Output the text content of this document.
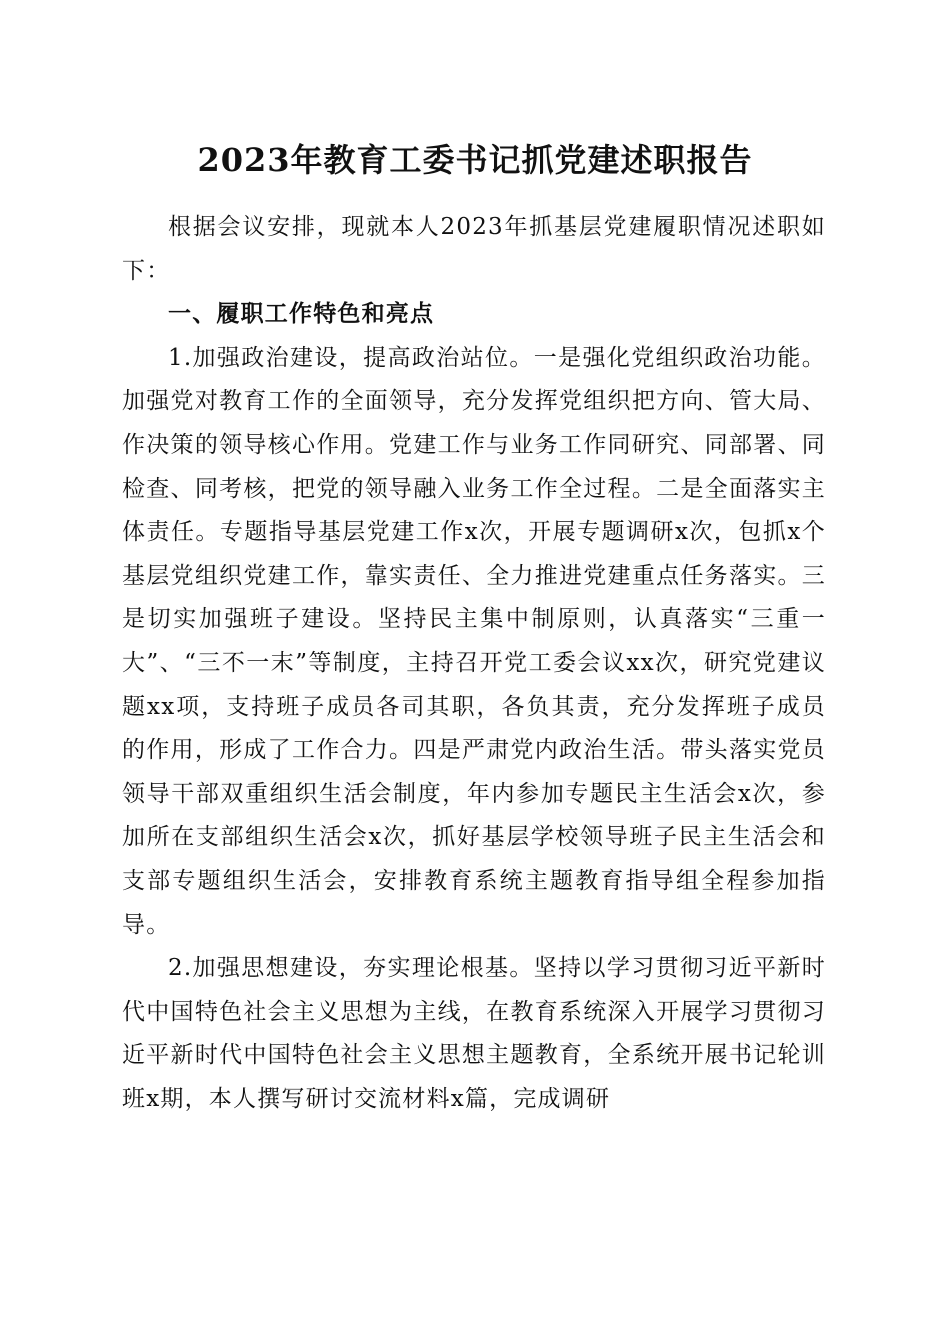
2023年教育工委书记抓党建述职报告

根据会议安排，现就本人2023年抓基层党建履职情况述职如下：

一、履职工作特色和亮点

1.加强政治建设，提高政治站位。一是强化党组织政治功能。加强党对教育工作的全面领导，充分发挥党组织把方向、管大局、作决策的领导核心作用。党建工作与业务工作同研究、同部署、同检查、同考核，把党的领导融入业务工作全过程。二是全面落实主体责任。专题指导基层党建工作x次，开展专题调研x次，包抓x个基层党组织党建工作，靠实责任、全力推进党建重点任务落实。三是切实加强班子建设。坚持民主集中制原则，认真落实“三重一大”、“三不一末”等制度，主持召开党工委会议xx次，研究党建议题xx项，支持班子成员各司其职，各负其责，充分发挥班子成员的作用，形成了工作合力。四是严肃党内政治生活。带头落实党员领导干部双重组织生活会制度，年内参加专题民主生活会x次，参加所在支部组织生活会x次，抓好基层学校领导班子民主生活会和支部专题组织生活会，安排教育系统主题教育指导组全程参加指导。

2.加强思想建设，夯实理论根基。坚持以学习贯彻习近平新时代中国特色社会主义思想为主线，在教育系统深入开展学习贯彻习近平新时代中国特色社会主义思想主题教育，全系统开展书记轮训班x期，本人撰写研讨交流材料x篇，完成调研
